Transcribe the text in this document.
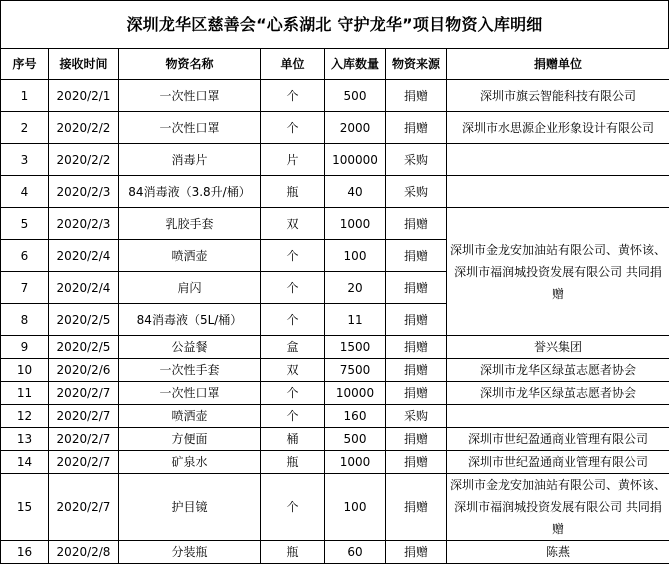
深圳龙华区慈善会“心系湖北 守护龙华”项目物资入库明细
序号	接收时间	物资名称	单位	入库数量	物资来源	捐赠单位
1	2020/2/1	一次性口罩	个	500	捐赠	深圳市旗云智能科技有限公司
2	2020/2/2	一次性口罩	个	2000	捐赠	深圳市水思源企业形象设计有限公司
3	2020/2/2	消毒片	片	100000	采购	
4	2020/2/3	84消毒液（3.8升/桶）	瓶	40	采购	
5	2020/2/3	乳胶手套	双	1000	捐赠	深圳市金龙安加油站有限公司、黄怀该、深圳市福润城投资发展有限公司 共同捐赠
6	2020/2/4	喷洒壶	个	100	捐赠	
7	2020/2/4	肩闪	个	20	捐赠	
8	2020/2/5	84消毒液（5L/桶）	个	11	捐赠	
9	2020/2/5	公益餐	盒	1500	捐赠	誉兴集团
10	2020/2/6	一次性手套	双	7500	捐赠	深圳市龙华区绿茧志愿者协会
11	2020/2/7	一次性口罩	个	10000	捐赠	深圳市龙华区绿茧志愿者协会
12	2020/2/7	喷洒壶	个	160	采购	
13	2020/2/7	方便面	桶	500	捐赠	深圳市世纪盈通商业管理有限公司
14	2020/2/7	矿泉水	瓶	1000	捐赠	深圳市世纪盈通商业管理有限公司
15	2020/2/7	护目镜	个	100	捐赠	深圳市金龙安加油站有限公司、黄怀该、深圳市福润城投资发展有限公司 共同捐赠
16	2020/2/8	分装瓶	瓶	60	捐赠	陈燕
